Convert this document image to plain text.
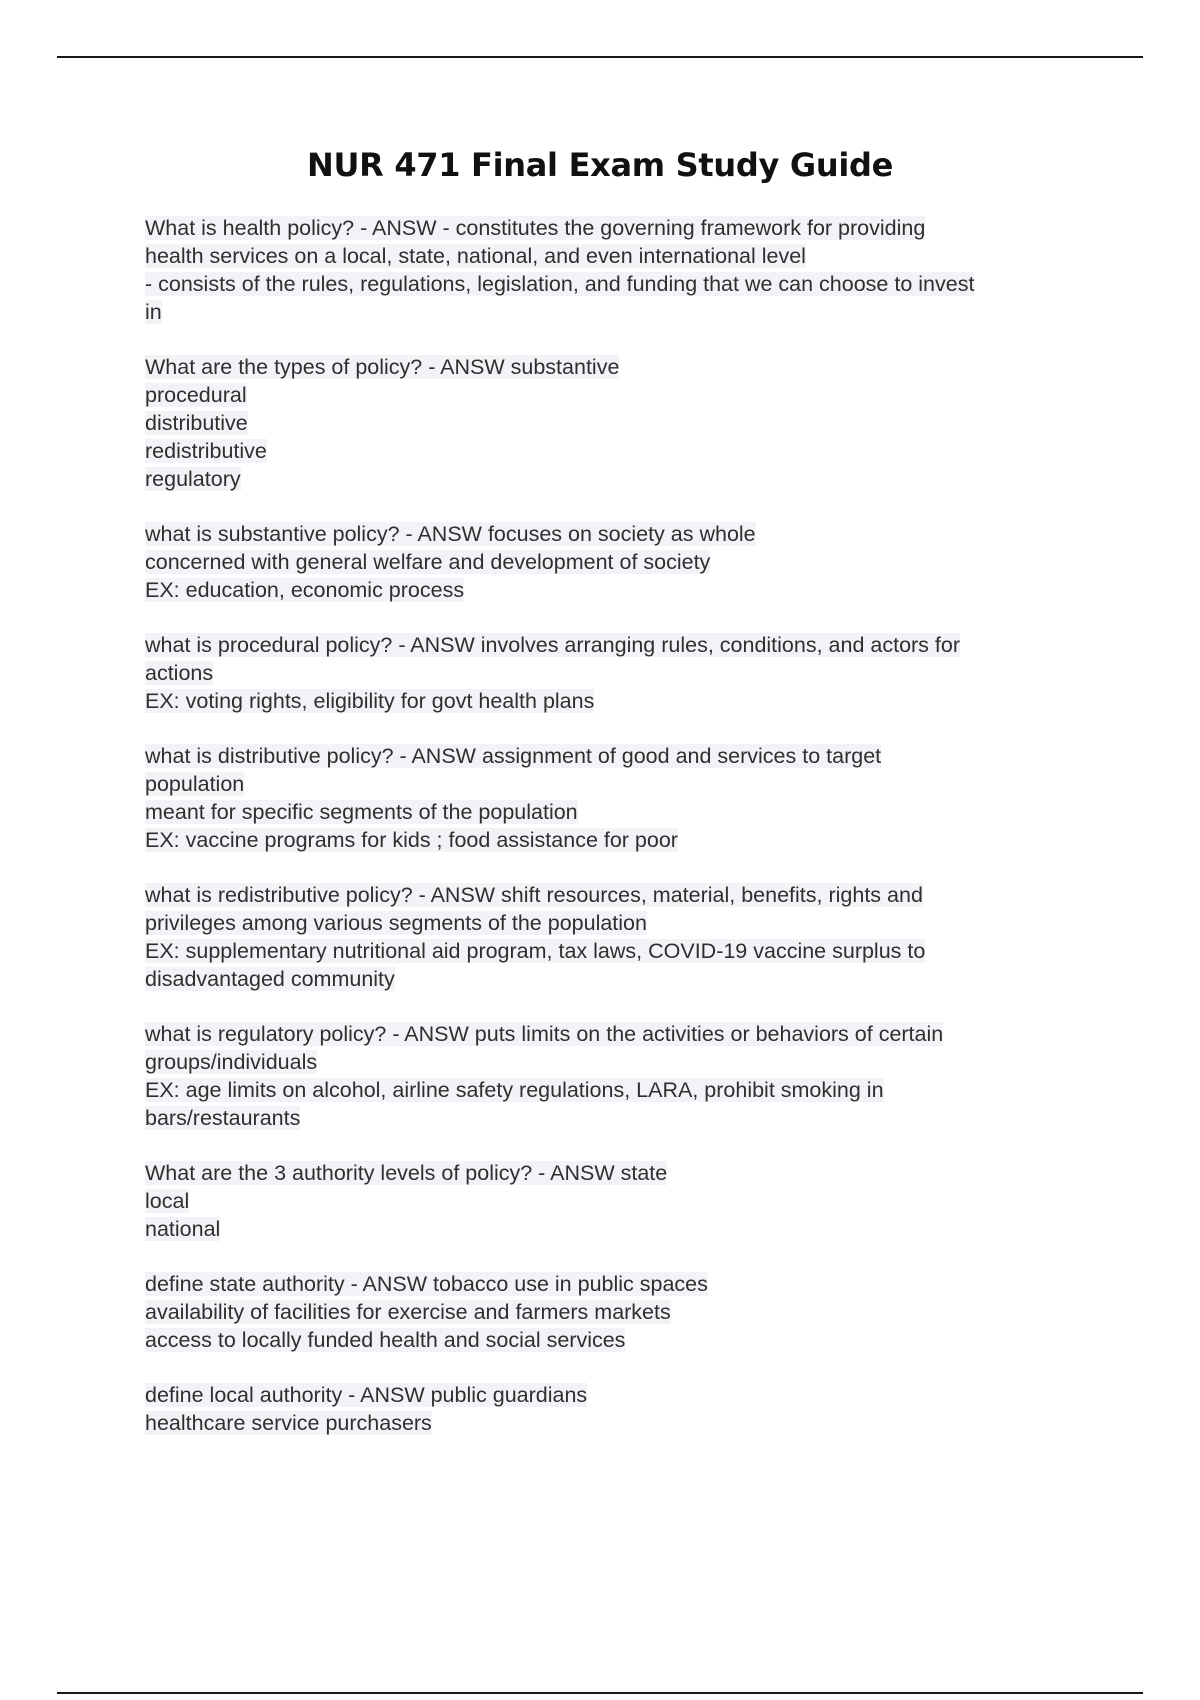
NUR 471 Final Exam Study Guide
What is health policy? - ANSW - constitutes the governing framework for providing
health services on a local, state, national, and even international level
- consists of the rules, regulations, legislation, and funding that we can choose to invest
in
What are the types of policy? - ANSW substantive
procedural
distributive
redistributive
regulatory
what is substantive policy? - ANSW focuses on society as whole
concerned with general welfare and development of society
EX: education, economic process
what is procedural policy? - ANSW involves arranging rules, conditions, and actors for
actions
EX: voting rights, eligibility for govt health plans
what is distributive policy? - ANSW assignment of good and services to target
population
meant for specific segments of the population
EX: vaccine programs for kids ; food assistance for poor
what is redistributive policy? - ANSW shift resources, material, benefits, rights and
privileges among various segments of the population
EX: supplementary nutritional aid program, tax laws, COVID-19 vaccine surplus to
disadvantaged community
what is regulatory policy? - ANSW puts limits on the activities or behaviors of certain
groups/individuals
EX: age limits on alcohol, airline safety regulations, LARA, prohibit smoking in
bars/restaurants
What are the 3 authority levels of policy? - ANSW state
local
national
define state authority - ANSW tobacco use in public spaces
availability of facilities for exercise and farmers markets
access to locally funded health and social services
define local authority - ANSW public guardians
healthcare service purchasers
